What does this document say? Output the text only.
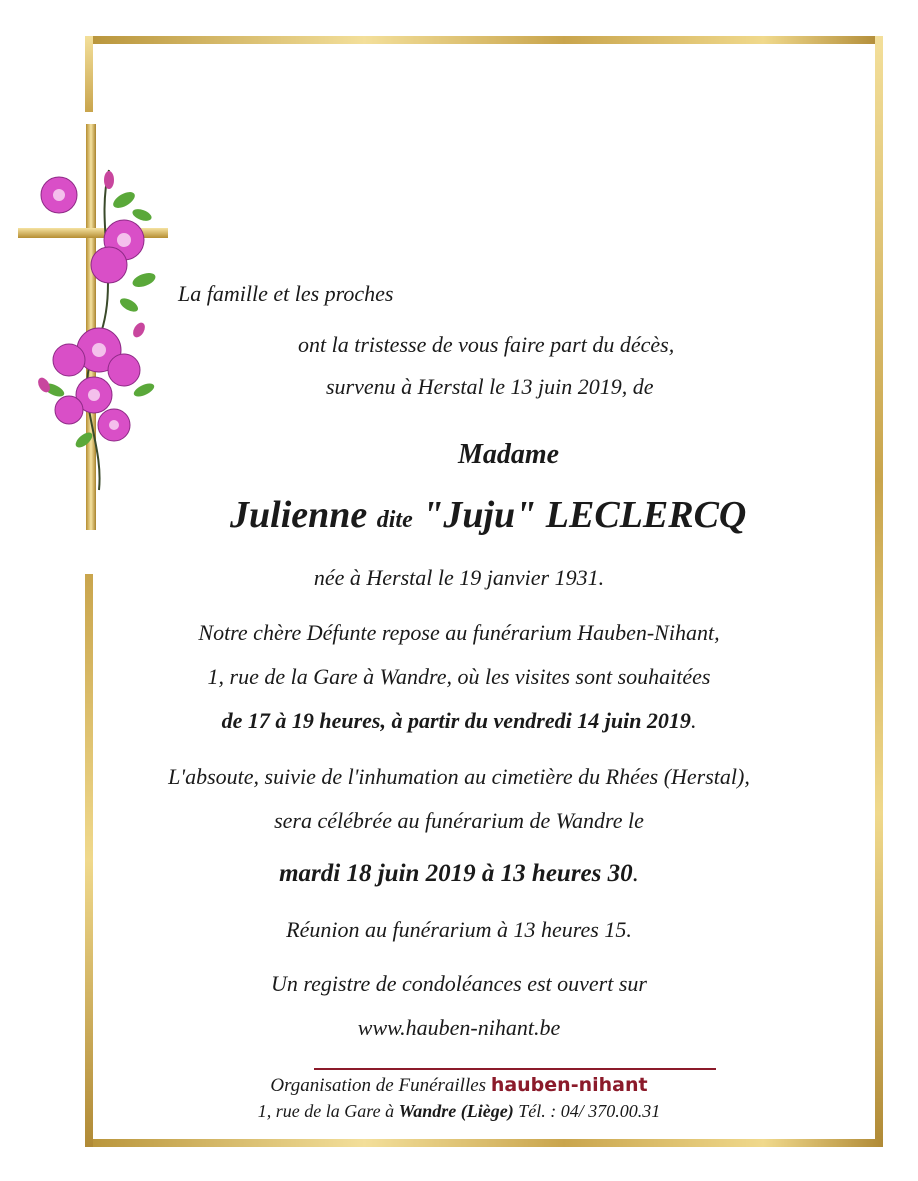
La famille et les proches
ont la tristesse de vous faire part du décès,
survenu à Herstal le 13 juin 2019, de
Madame
Julienne dite "Juju" LECLERCQ
née à Herstal le 19 janvier 1931.
Notre chère Défunte repose au funérarium Hauben-Nihant,
1, rue de la Gare à Wandre, où les visites sont souhaitées
de 17 à 19 heures, à partir du vendredi 14 juin 2019.
L'absoute, suivie de l'inhumation au cimetière du Rhées (Herstal),
sera célébrée au funérarium de Wandre le
mardi 18 juin 2019 à 13 heures 30.
Réunion au funérarium à 13 heures 15.
Un registre de condoléances est ouvert sur
www.hauben-nihant.be
Organisation de Funérailles hauben-nihant
1, rue de la Gare à Wandre (Liège) Tél. : 04/ 370.00.31
